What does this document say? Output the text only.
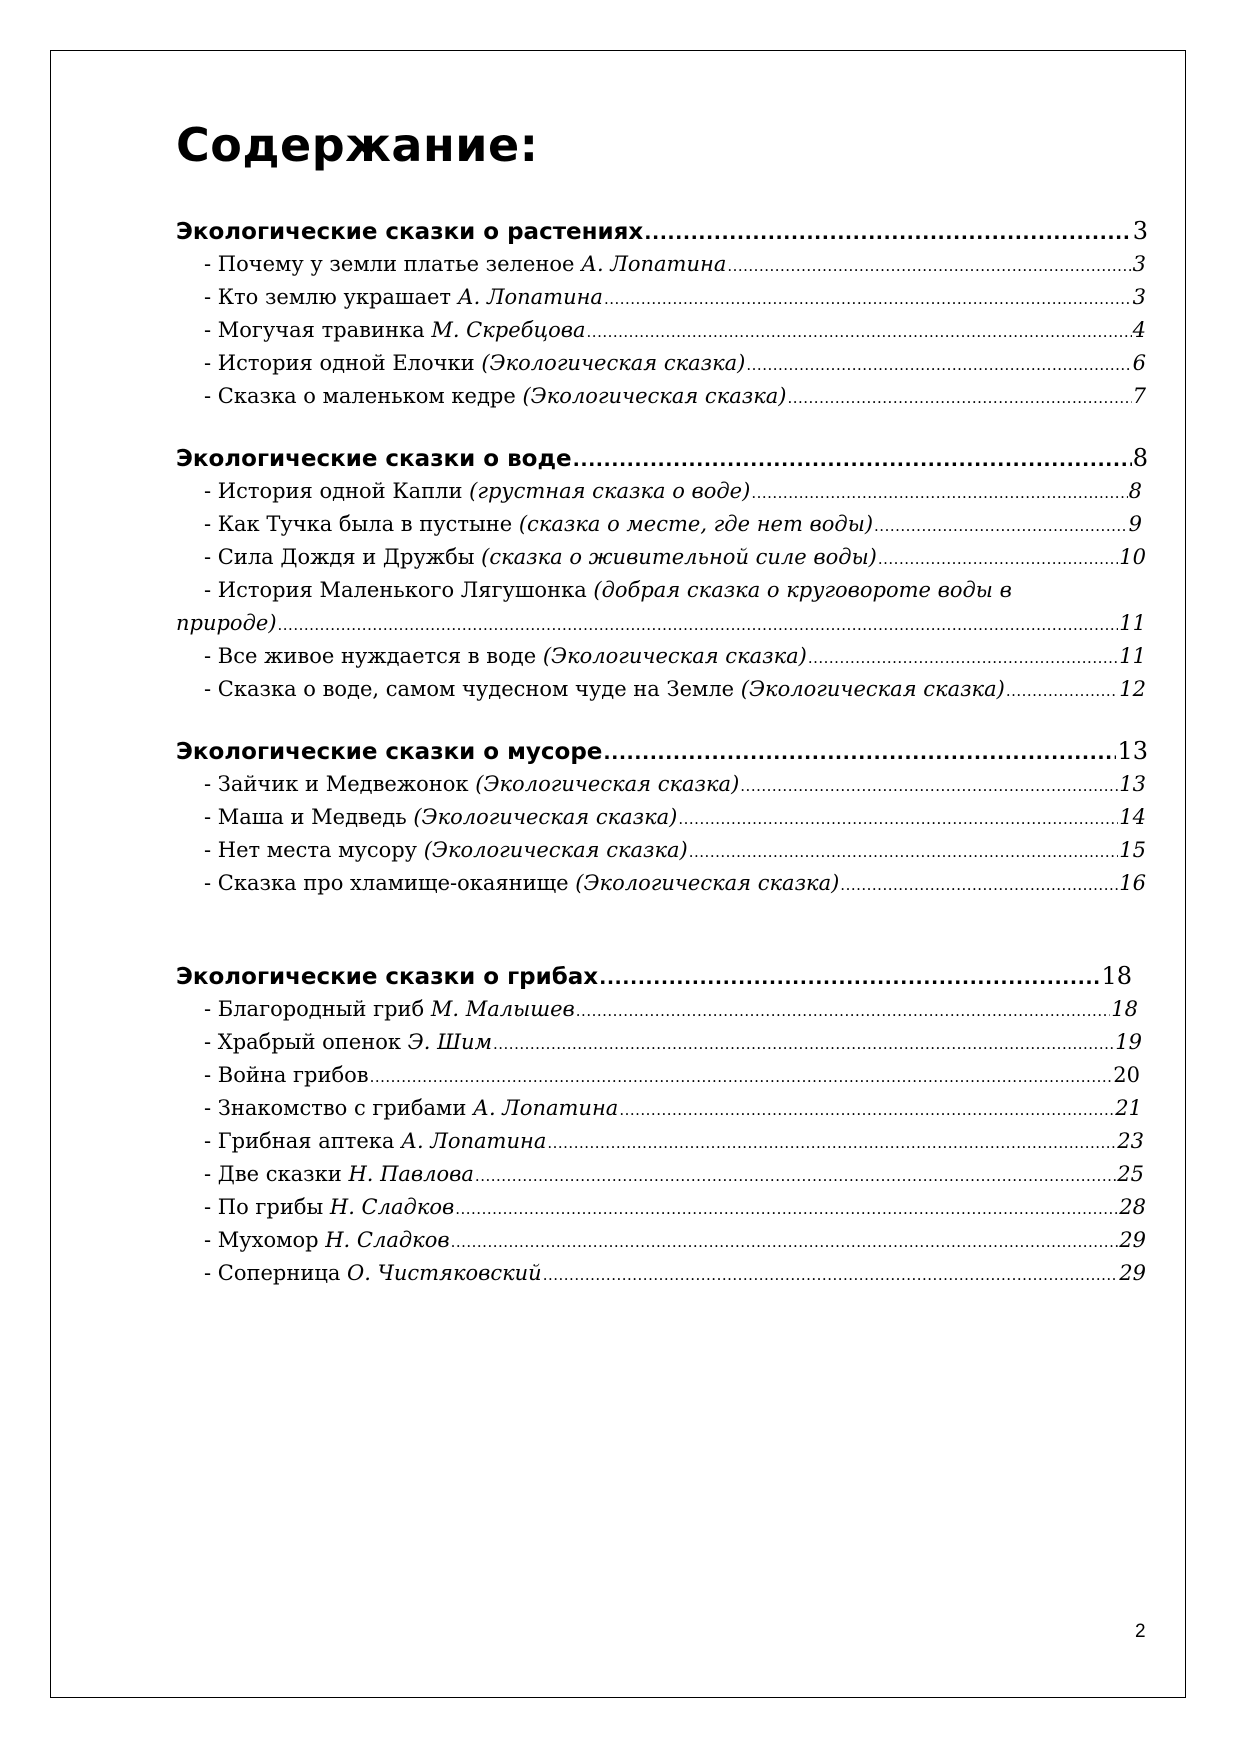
Содержание:
Экологические сказки о растениях .....	3
- Почему у земли платье зеленое А. Лопатина .....	3
- Кто землю украшает А. Лопатина .....	3
- Могучая травинка М. Скребцова .....	4
- История одной Елочки (Экологическая сказка) .....	6
- Сказка о маленьком кедре (Экологическая сказка) .....	7
Экологические сказки о воде .....	8
- История одной Капли (грустная сказка о воде) .....	8
- Как Тучка была в пустыне (сказка о месте, где нет воды) .....	9
- Сила Дождя и Дружбы (сказка о живительной силе воды) .....	10
- История Маленького Лягушонка (добрая сказка о круговороте воды в
природе) .....	11
- Все живое нуждается в воде (Экологическая сказка) .....	11
- Сказка о воде, самом чудесном чуде на Земле (Экологическая сказка) .....	12
Экологические сказки о мусоре .....	13
- Зайчик и Медвежонок (Экологическая сказка) .....	13
- Маша и Медведь (Экологическая сказка) .....	14
- Нет места мусору (Экологическая сказка) .....	15
- Сказка про хламище-окаянище (Экологическая сказка) .....	16
Экологические сказки о грибах .....	18
- Благородный гриб М. Малышев .....	18
- Храбрый опенок Э. Шим .....	19
- Война грибов .....	20
- Знакомство с грибами А. Лопатина .....	21
- Грибная аптека А. Лопатина .....	23
- Две сказки Н. Павлова .....	25
- По грибы Н. Сладков .....	28
- Мухомор Н. Сладков .....	29
- Соперница О. Чистяковский .....	29
2
